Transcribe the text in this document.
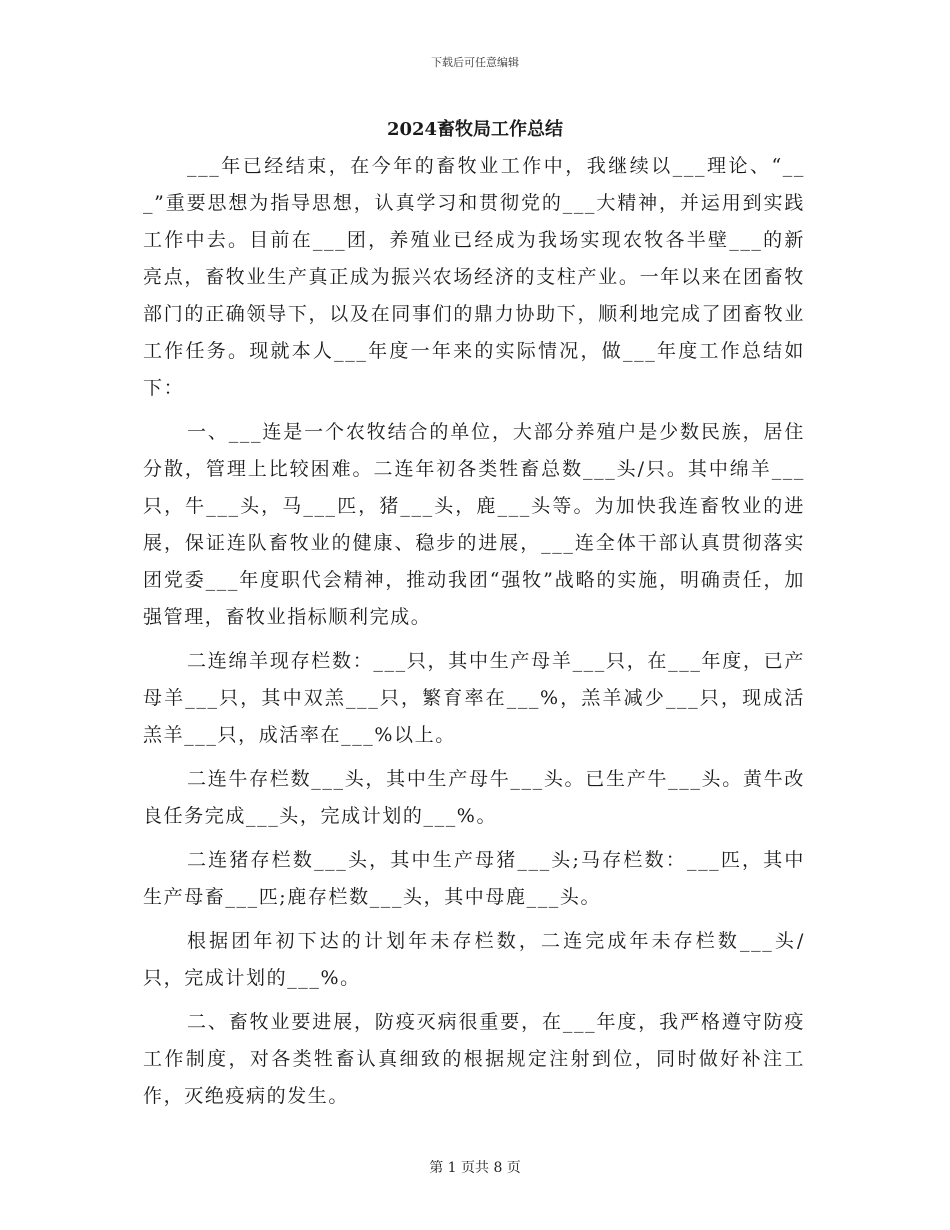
下载后可任意编辑
2024畜牧局工作总结

___年已经结束，在今年的畜牧业工作中，我继续以___理论、“___”重要思想为指导思想，认真学习和贯彻党的___大精神，并运用到实践工作中去。目前在___团，养殖业已经成为我场实现农牧各半壁___的新亮点，畜牧业生产真正成为振兴农场经济的支柱产业。一年以来在团畜牧部门的正确领导下，以及在同事们的鼎力协助下，顺利地完成了团畜牧业工作任务。现就本人___年度一年来的实际情况，做___年度工作总结如下：

一、___连是一个农牧结合的单位，大部分养殖户是少数民族，居住分散，管理上比较困难。二连年初各类牲畜总数___头/只。其中绵羊___只，牛___头，马___匹，猪___头，鹿___头等。为加快我连畜牧业的进展，保证连队畜牧业的健康、稳步的进展，___连全体干部认真贯彻落实团党委___年度职代会精神，推动我团“强牧”战略的实施，明确责任，加强管理，畜牧业指标顺利完成。

二连绵羊现存栏数：___只，其中生产母羊___只，在___年度，已产母羊___只，其中双羔___只，繁育率在___%，羔羊减少___只，现成活羔羊___只，成活率在___%以上。

二连牛存栏数___头，其中生产母牛___头。已生产牛___头。黄牛改良任务完成___头，完成计划的___%。

二连猪存栏数___头，其中生产母猪___头;马存栏数：___匹，其中生产母畜___匹;鹿存栏数___头，其中母鹿___头。

根据团年初下达的计划年未存栏数，二连完成年未存栏数___头/只，完成计划的___%。

二、畜牧业要进展，防疫灭病很重要，在___年度，我严格遵守防疫工作制度，对各类牲畜认真细致的根据规定注射到位，同时做好补注工作，灭绝疫病的发生。

第 1 页共 8 页
